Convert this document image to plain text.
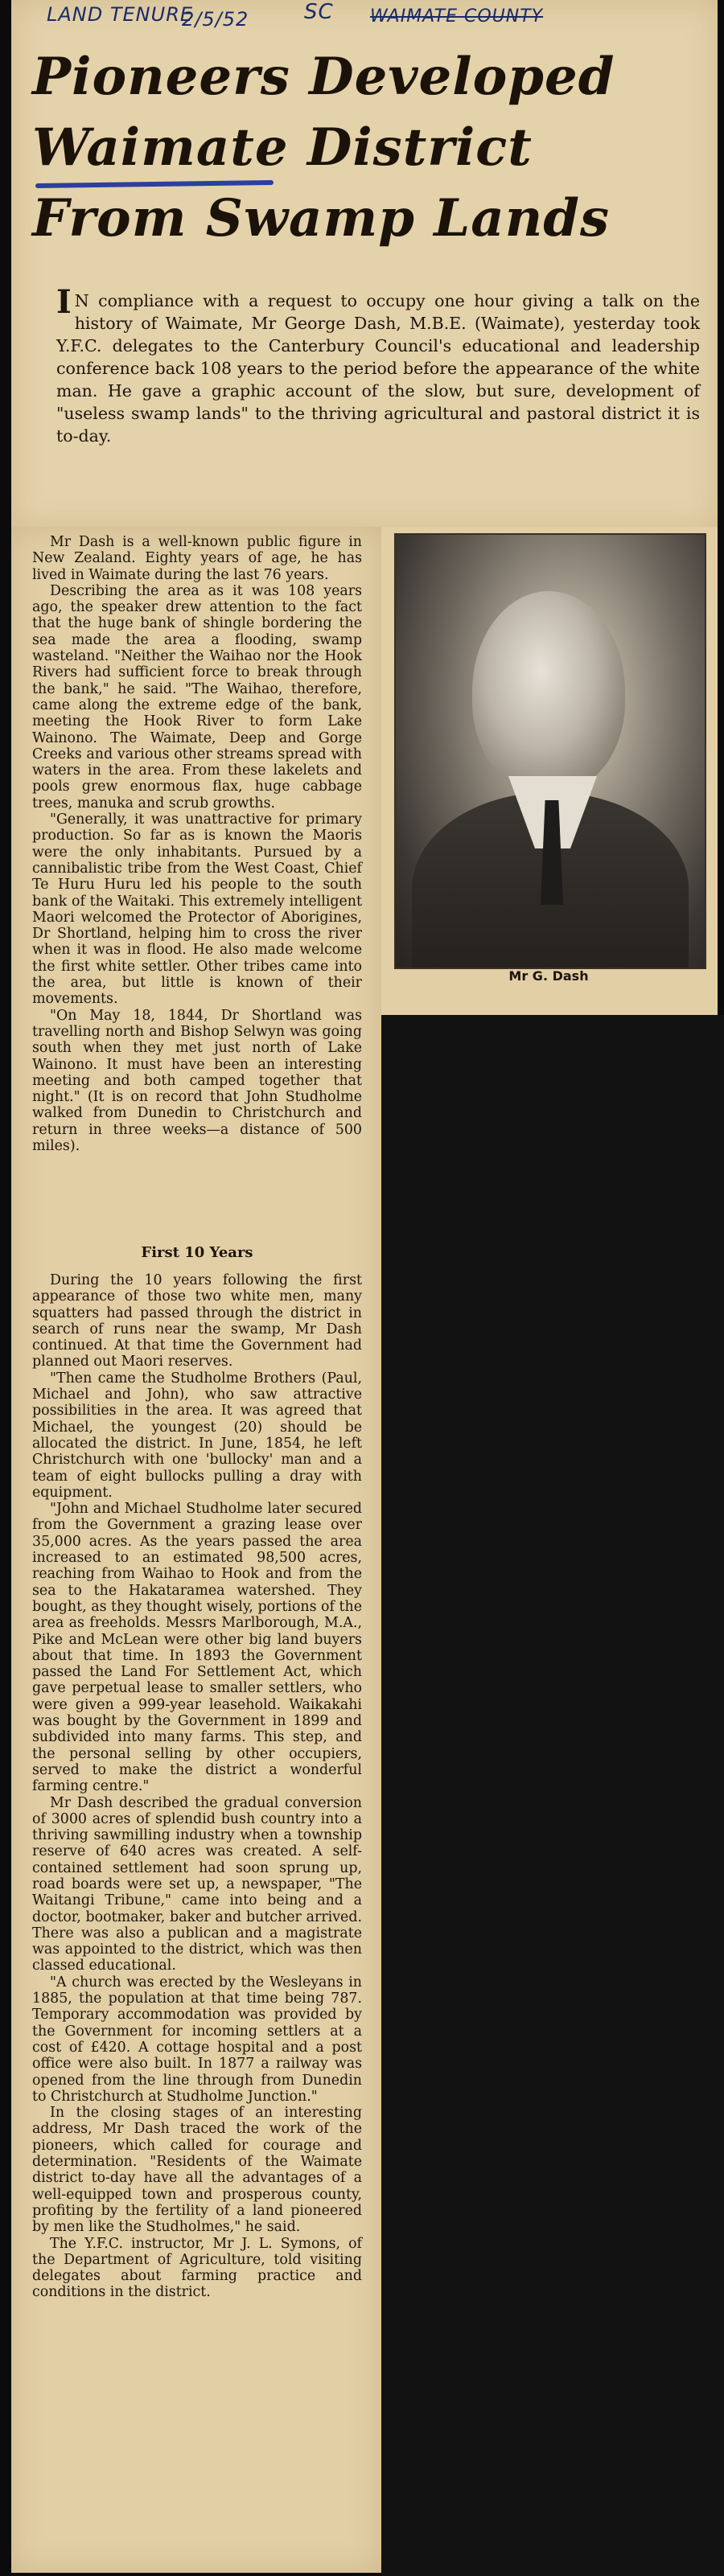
LAND TENURE
2/5/52	SC WAIMATE COUNTY
Pioneers Developed
Waimate District
From Swamp Lands
I N compliance with a request to occupy one hour giving a talk on the history of Waimate, Mr George Dash, M.B.E. (Waimate), yesterday took Y.F.C. delegates to the Canterbury Council's educational and leadership conference back 108 years to the period before the appearance of the white man. He gave a graphic account of the slow, but sure, development of "useless swamp lands" to the thriving agricultural and pastoral district it is to-day.

Mr Dash is a well-known public figure in New Zealand. Eighty years of age, he has lived in Waimate during the last 76 years.

Describing the area as it was 108 years ago, the speaker drew attention to the fact that the huge bank of shingle bordering the sea made the area a flooding, swamp wasteland. "Neither the Waihao nor the Hook Rivers had sufficient force to break through the bank," he said. "The Waihao, therefore, came along the extreme edge of the bank, meeting the Hook River to form Lake Wainono. The Waimate, Deep and Gorge Creeks and various other streams spread with waters in the area. From these lakelets and pools grew enormous flax, huge cabbage trees, manuka and scrub growths.

"Generally, it was unattractive for primary production. So far as is known the Maoris were the only inhabitants. Pursued by a cannibalistic tribe from the West Coast, Chief Te Huru Huru led his people to the south bank of the Waitaki. This extremely intelligent Maori welcomed the Protector of Aborigines, Dr Shortland, helping him to cross the river when it was in flood. He also made welcome the first white settler. Other tribes came into the area, but little is known of their movements.

"On May 18, 1844, Dr Shortland was travelling north and Bishop Selwyn was going south when they met just north of Lake Wainono. It must have been an interesting meeting and both camped together that night." (It is on record that John Studholme walked from Dunedin to Christchurch and return in three weeks—a distance of 500 miles).

First 10 Years

During the 10 years following the first appearance of those two white men, many squatters had passed through the district in search of runs near the swamp, Mr Dash continued. At that time the Government had planned out Maori reserves.

"Then came the Studholme Brothers (Paul, Michael and John), who saw attractive possibilities in the area. It was agreed that Michael, the youngest (20) should be allocated the district. In June, 1854, he left Christchurch with one 'bullocky' man and a team of eight bullocks pulling a dray with equipment.

"John and Michael Studholme later secured from the Government a grazing lease over 35,000 acres. As the years passed the area increased to an estimated 98,500 acres, reaching from Waihao to Hook and from the sea to the Hakataramea watershed. They bought, as they thought wisely, portions of the area as freeholds. Messrs Marlborough, M.A., Pike and McLean were other big land buyers about that time. In 1893 the Government passed the Land For Settlement Act, which gave perpetual lease to smaller settlers, who were given a 999-year leasehold. Waikakahi was bought by the Government in 1899 and subdivided into many farms. This step, and the personal selling by other occupiers, served to make the district a wonderful farming centre."

Mr Dash described the gradual conversion of 3000 acres of splendid bush country into a thriving sawmilling industry when a township reserve of 640 acres was created. A self-contained settlement had soon sprung up, road boards were set up, a newspaper, "The Waitangi Tribune," came into being and a doctor, bootmaker, baker and butcher arrived. There was also a publican and a magistrate was appointed to the district, which was then classed educational.

"A church was erected by the Wesleyans in 1885, the population at that time being 787. Temporary accommodation was provided by the Government for incoming settlers at a cost of £420. A cottage hospital and a post office were also built. In 1877 a railway was opened from the line through from Dunedin to Christchurch at Studholme Junction."

In the closing stages of an interesting address, Mr Dash traced the work of the pioneers, which called for courage and determination. "Residents of the Waimate district to-day have all the advantages of a well-equipped town and prosperous county, profiting by the fertility of a land pioneered by men like the Studholmes," he said.

The Y.F.C. instructor, Mr J. L. Symons, of the Department of Agriculture, told visiting delegates about farming practice and conditions in the district.

Mr G. Dash
